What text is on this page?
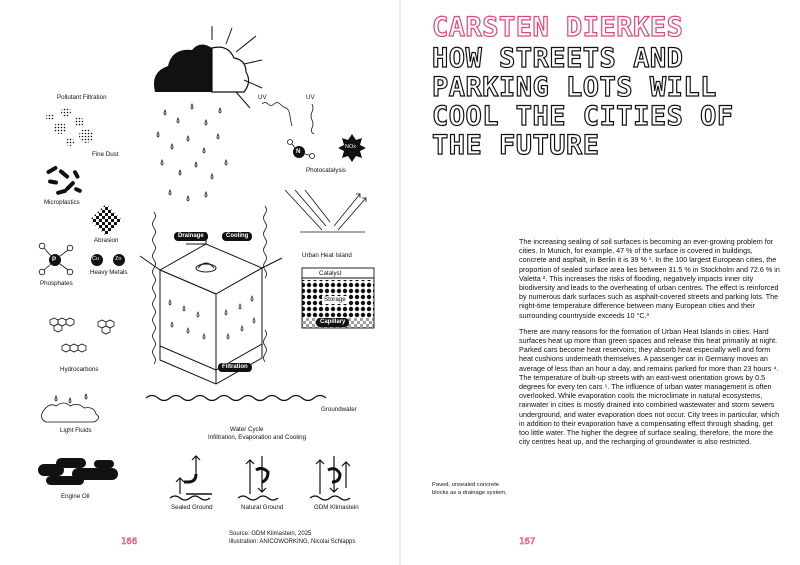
Pollutant Filtration
Fine Dust
Microplastics
Abrasion
Phosphates
Heavy Metals
Hydrocarbons
Light Fluids
Engine Oil
P	Cu	Zn
N
NOx
UV	UV
Photocatalysis
Urban Heat Island
Catalyst
Storage
Capillary
Drainage	Cooling
Filtration
Groundwater
Water Cycle
Infiltration, Evaporation and Cooling
Sealed Ground	Natural Ground	GDM Klimastein
Source: GDM Klimastein, 2025
Illustration: ANICOWORKING, Nicolai Schlapps
166
CARSTEN DIERKES
HOW STREETS AND
PARKING LOTS WILL
COOL THE CITIES OF
THE FUTURE

The increasing sealing of soil surfaces is becoming an ever-growing problem for cities. In Munich, for example, 47 % of the surface is covered in buildings, concrete and asphalt, in Berlin it is 39 % ¹. In the 100 largest European cities, the proportion of sealed surface area lies between 31.5 % in Stockholm and 72.6 % in Valetta ². This increases the risks of flooding, negatively impacts inner city biodiversity and leads to the overheating of urban centres. The effect is reinforced by numerous dark surfaces such as asphalt-covered streets and parking lots. The night-time temperature difference between many European cities and their surrounding countryside exceeds 10 °C.³

There are many reasons for the formation of Urban Heat Islands in cities. Hard surfaces heat up more than green spaces and release this heat primarily at night. Parked cars become heat reservoirs; they absorb heat especially well and form heat cushions underneath themselves. A passenger car in Germany moves an average of less than an hour a day, and remains parked for more than 23 hours ⁴. The temperature of built-up streets with an east-west orientation grows by 0.5 degrees for every ten cars ⁵. The influence of urban water management is often overlooked. While evaporation cools the microclimate in natural ecosystems, rainwater in cities is mostly drained into combined wastewater and storm sewers underground, and water evaporation does not occur. City trees in particular, which in addition to their evaporation have a compensating effect through shading, get too little water. The higher the degree of surface sealing, therefore, the more the city centres heat up, and the recharging of groundwater is also restricted.

Paved, unsealed concrete blocks as a drainage system.
167
